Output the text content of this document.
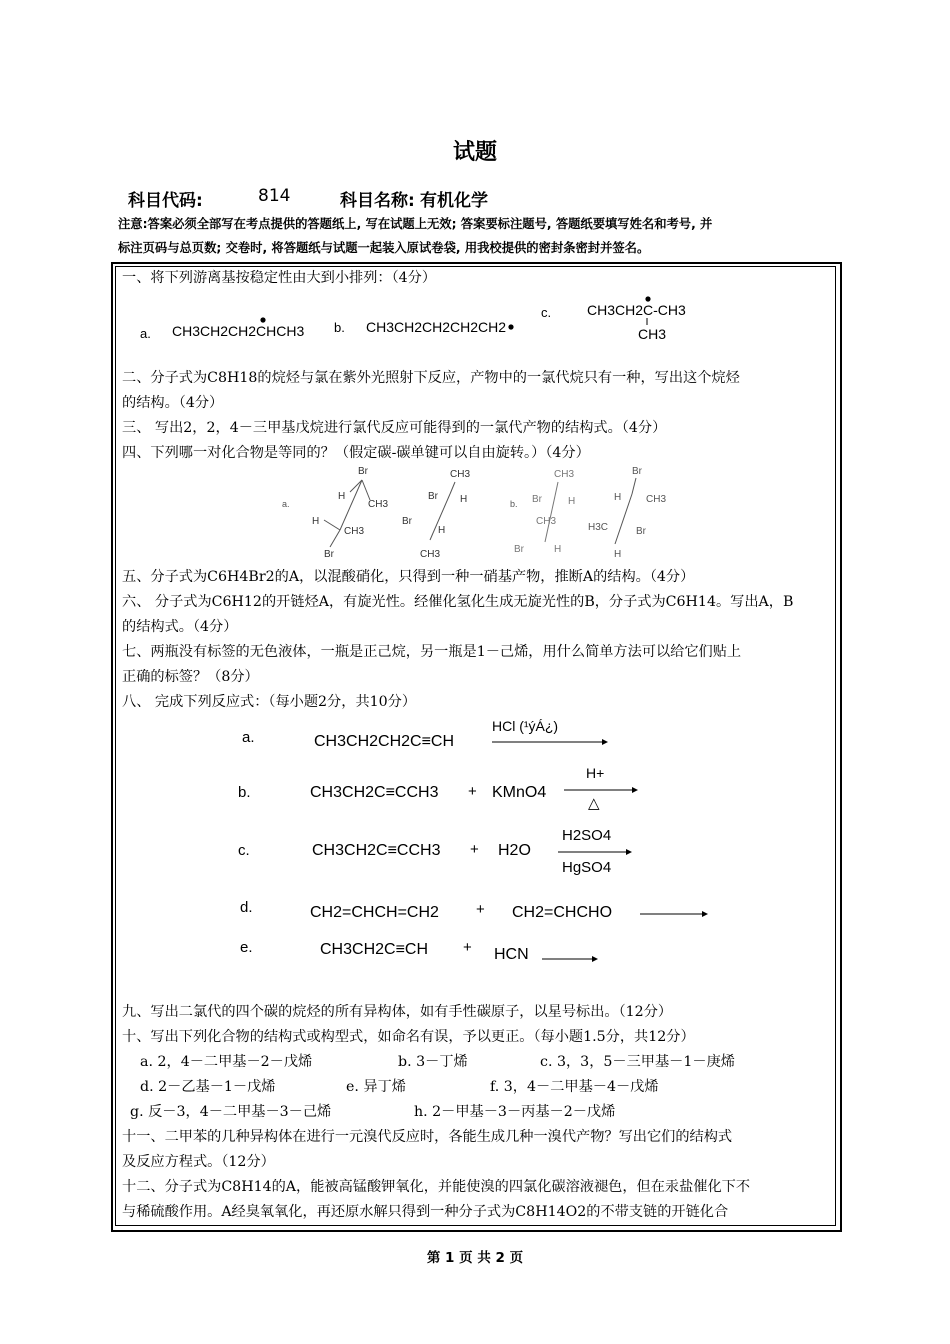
试题
科目代码:	814	科目名称: 有机化学
注意:答案必须全部写在考点提供的答题纸上, 写在试题上无效; 答案要标注题号, 答题纸要填写姓名和考号, 并
标注页码与总页数; 交卷时, 将答题纸与试题一起装入原试卷袋, 用我校提供的密封条密封并签名。
一、将下列游离基按稳定性由大到小排列：（4分）
a. CH3CH2CH2CHCH3 b. CH3CH2CH2CH2CH2
c.	CH3CH2C-CH3
CH3
二、分子式为C8H18的烷烃与氯在紫外光照射下反应，产物中的一氯代烷只有一种，写出这个烷烃
的结构。（4分）
三、 写出2，2，4－三甲基戊烷进行氯代反应可能得到的一氯代产物的结构式。（4分）
四、下列哪一对化合物是等同的？（假定碳-碳单键可以自由旋转。）（4分）
a.
Br
H
CH3
H
CH3
Br
CH3
Br H
Br
H
CH3
b.
CH3
Br	H
CH3
Br	H
Br
H CH3
H3C	Br
H
五、分子式为C6H4Br2的A，以混酸硝化，只得到一种一硝基产物，推断A的结构。（4分）
六、 分子式为C6H12的开链烃A，有旋光性。经催化氢化生成无旋光性的B，分子式为C6H14。写出A，B
的结构式。（4分）
七、两瓶没有标签的无色液体，一瓶是正己烷，另一瓶是1－己烯，用什么简单方法可以给它们贴上
正确的标签？（8分）
八、 完成下列反应式：（每小题2分，共10分）
a.	CH3CH2CH2C≡CH
HCl (¹ýÁ¿)
b.	CH3CH2C≡CCH3 + KMnO4
H+
△
c.	CH3CH2C≡CCH3 + H2O
H2SO4
HgSO4
d.	CH2=CHCH=CH2 + CH2=CHCHO
e.	CH3CH2C≡CH + HCN
九、写出二氯代的四个碳的烷烃的所有异构体，如有手性碳原子，以星号标出。（12分）
十、写出下列化合物的结构式或构型式，如命名有误，予以更正。（每小题1.5分，共12分）
a. 2，4－二甲基－2－戊烯	b. 3－丁烯	c. 3，3，5－三甲基－1－庚烯
d. 2－乙基－1－戊烯	e. 异丁烯	f. 3，4－二甲基－4－戊烯
g. 反－3，4－二甲基－3－己烯	h. 2－甲基－3－丙基－2－戊烯
十一、二甲苯的几种异构体在进行一元溴代反应时，各能生成几种一溴代产物？写出它们的结构式
及反应方程式。（12分）
十二、分子式为C8H14的A，能被高锰酸钾氧化，并能使溴的四氯化碳溶液褪色，但在汞盐催化下不
与稀硫酸作用。A经臭氧氧化，再还原水解只得到一种分子式为C8H14O2的不带支链的开链化合
第 1 页 共 2 页
